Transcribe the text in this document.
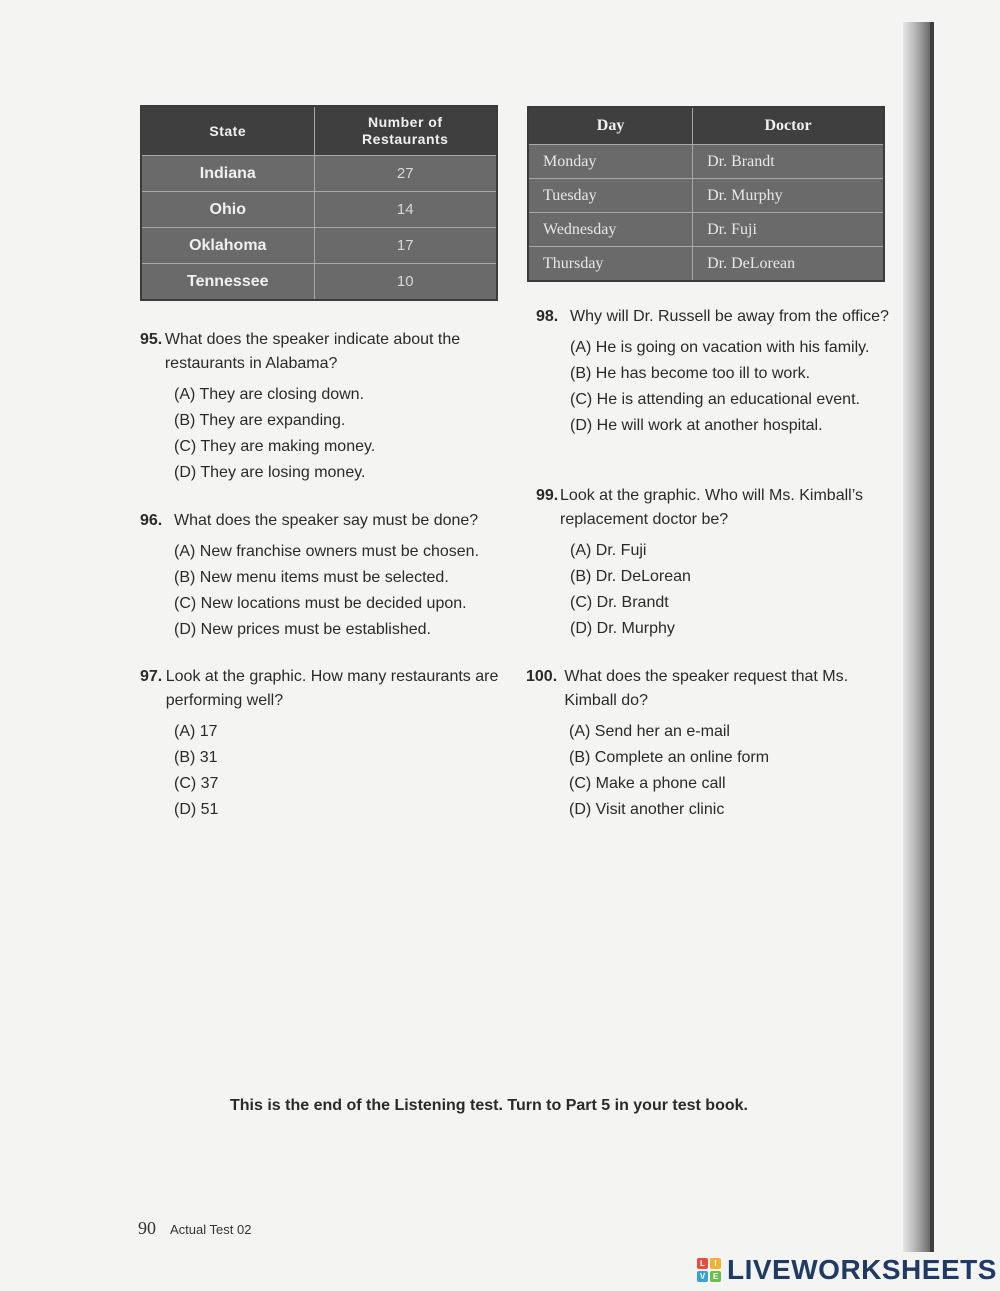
State	Number of
Restaurants
Indiana	27
Ohio	14
Oklahoma	17
Tennessee	10
Day	Doctor
Monday	Dr. Brandt
Tuesday	Dr. Murphy
Wednesday	Dr. Fuji
Thursday	Dr. DeLorean
95. What does the speaker indicate about the restaurants in Alabama?
(A) They are closing down.
(B) They are expanding.
(C) They are making money.
(D) They are losing money.
96. What does the speaker say must be done?
(A) New franchise owners must be chosen.
(B) New menu items must be selected.
(C) New locations must be decided upon.
(D) New prices must be established.
97. Look at the graphic. How many restaurants are performing well?
(A) 17
(B) 31
(C) 37
(D) 51
98. Why will Dr. Russell be away from the office?
(A) He is going on vacation with his family.
(B) He has become too ill to work.
(C) He is attending an educational event.
(D) He will work at another hospital.
99. Look at the graphic. Who will Ms. Kimball’s replacement doctor be?
(A) Dr. Fuji
(B) Dr. DeLorean
(C) Dr. Brandt
(D) Dr. Murphy
100. What does the speaker request that Ms. Kimball do?
(A) Send her an e-mail
(B) Complete an online form
(C) Make a phone call
(D) Visit another clinic
This is the end of the Listening test. Turn to Part 5 in your test book.
90 Actual Test 02
L	I
V E LIVEWORKSHEETS
